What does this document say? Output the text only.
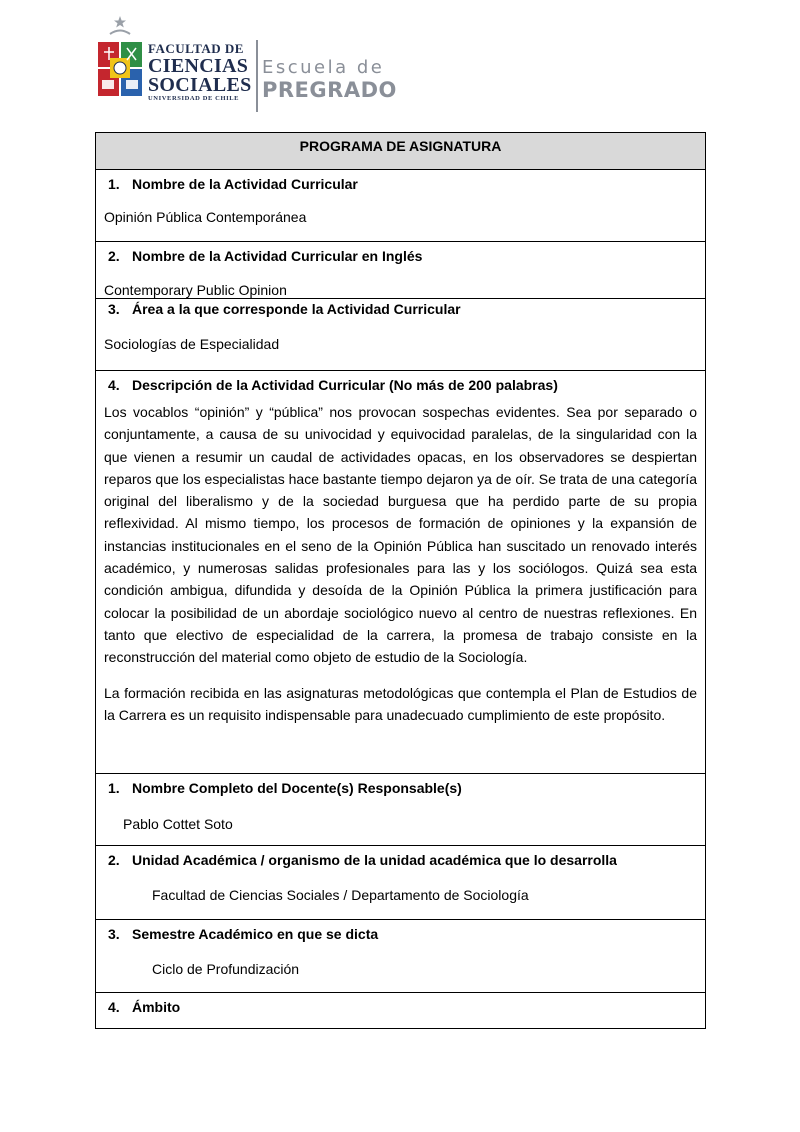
FACULTAD DE
CIENCIAS
SOCIALES
UNIVERSIDAD DE CHILE
Escuela de
PREGRADO
PROGRAMA DE ASIGNATURA
1. Nombre de la Actividad Curricular
Opinión Pública Contemporánea
2. Nombre de la Actividad Curricular en Inglés
Contemporary Public Opinion
3. Área a la que corresponde la Actividad Curricular
Sociologías de Especialidad
4. Descripción de la Actividad Curricular (No más de 200 palabras)

Los vocablos “opinión” y “pública” nos provocan sospechas evidentes. Sea por separado o conjuntamente, a causa de su univocidad y equivocidad paralelas, de la singularidad con la que vienen a resumir un caudal de actividades opacas, en los observadores se despiertan reparos que los especialistas hace bastante tiempo dejaron ya de oír. Se trata de una categoría original del liberalismo y de la sociedad burguesa que ha perdido parte de su propia reflexividad. Al mismo tiempo, los procesos de formación de opiniones y la expansión de instancias institucionales en el seno de la Opinión Pública han suscitado un renovado interés académico, y numerosas salidas profesionales para las y los sociólogos. Quizá sea esta condición ambigua, difundida y desoída de la Opinión Pública la primera justificación para colocar la posibilidad de un abordaje sociológico nuevo al centro de nuestras reflexiones. En tanto que electivo de especialidad de la carrera, la promesa de trabajo consiste en la reconstrucción del material como objeto de estudio de la Sociología.

La formación recibida en las asignaturas metodológicas que contempla el Plan de Estudios de la Carrera es un requisito indispensable para unadecuado cumplimiento de este propósito.

1. Nombre Completo del Docente(s) Responsable(s)
Pablo Cottet Soto
2. Unidad Académica / organismo de la unidad académica que lo desarrolla
Facultad de Ciencias Sociales / Departamento de Sociología
3. Semestre Académico en que se dicta
Ciclo de Profundización
4. Ámbito
